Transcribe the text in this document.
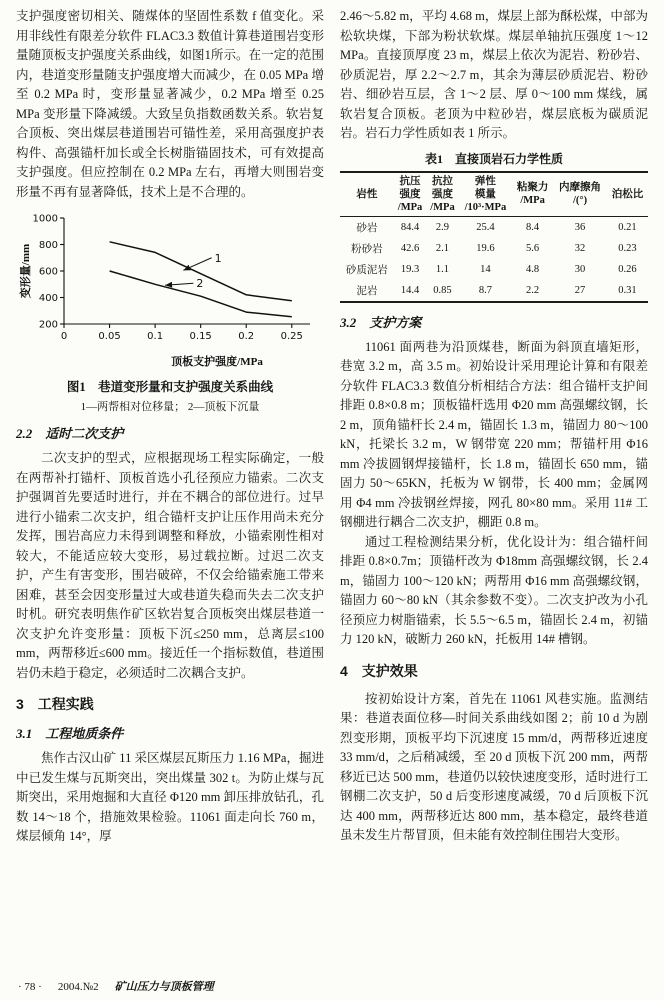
支护强度密切相关、随煤体的坚固性系数 f 值变化。采用非线性有限差分软件 FLAC3.3 数值计算巷道围岩变形量随顶板支护强度关系曲线，如图1所示。在一定的范围内，巷道变形量随支护强度增大而减少，在 0.05 MPa 增至 0.2 MPa 时，变形量显著减少，0.2 MPa 增至 0.25 MPa 变形量下降减缓。大致呈负指数函数关系。软岩复合顶板、突出煤层巷道围岩可锚性差，采用高强度护表构件、高强锚杆加长或全长树脂锚固技术，可有效提高支护强度。但应控制在 0.2 MPa 左右，再增大则围岩变形量不再有显著降低，技术上是不合理的。

200
400
600
800
1000
0	0.05	0.1	0.15	0.2	0.25
1
2
顶板支护强度/MPa
变形量/mm
图1　巷道变形量和支护强度关系曲线
1—两帮相对位移量； 2—顶板下沉量
2.2　适时二次支护

二次支护的型式，应根据现场工程实际确定，一般在两帮补打锚杆、顶板首选小孔径预应力锚索。二次支护强调首先要适时进行，并在不耦合的部位进行。过早进行小锚索二次支护，组合锚杆支护让压作用尚未充分发挥，围岩高应力未得到调整和释放，小锚索刚性相对较大，不能适应较大变形，易过载拉断。过迟二次支护，产生有害变形，围岩破碎，不仅会给锚索施工带来困难，甚至会因变形量过大或巷道失稳而失去二次支护时机。研究表明焦作矿区软岩复合顶板突出煤层巷道一次支护允许变形量：顶板下沉≤250 mm，总离层≤100 mm，两帮移近≤600 mm。接近任一个指标数值，巷道围岩仍未趋于稳定，必须适时二次耦合支护。

3　工程实践
3.1　工程地质条件

焦作古汉山矿 11 采区煤层瓦斯压力 1.16 MPa，掘进中已发生煤与瓦斯突出，突出煤量 302 t。为防止煤与瓦斯突出，采用炮掘和大直径 Φ120 mm 卸压排放钻孔，孔数 14～18 个，措施效果检验。11061 面走向长 760 m，煤层倾角 14°，厚

2.46～5.82 m，平均 4.68 m，煤层上部为酥松煤，中部为松软块煤，下部为粉状软煤。煤层单轴抗压强度 1～12 MPa。直接顶厚度 23 m，煤层上依次为泥岩、粉砂岩、砂质泥岩，厚 2.2～2.7 m，其余为薄层砂质泥岩、粉砂岩、细砂岩互层，含 1～2 层、厚 0～100 mm 煤线，属软岩复合顶板。老顶为中粒砂岩，煤层底板为碳质泥岩。岩石力学性质如表 1 所示。

表1　直接顶岩石力学性质
岩性	抗压
强度
/MPa	抗拉
强度
/MPa	弹性
模量
/10³·MPa	粘聚力
/MPa	内摩擦角
/(°)	泊松比
砂岩	84.4	2.9	25.4	8.4	36	0.21
粉砂岩	42.6	2.1	19.6	5.6	32	0.23
砂质泥岩	19.3	1.1	14	4.8	30	0.26
泥岩	14.4	0.85	8.7	2.2	27	0.31
3.2　支护方案

11061 面两巷为沿顶煤巷，断面为斜顶直墙矩形，巷宽 3.2 m，高 3.5 m。初始设计采用理论计算和有限差分软件 FLAC3.3 数值分析相结合方法：组合锚杆支护间排距 0.8×0.8 m；顶板锚杆选用 Φ20 mm 高强螺纹钢，长 2 m，顶角锚杆长 2.4 m，锚固长 1.3 m，锚固力 80～100 kN，托梁长 3.2 m，W 钢带宽 220 mm；帮锚杆用 Φ16 mm 冷拔圆钢焊接锚杆，长 1.8 m，锚固长 650 mm，锚固力 50～65KN，托板为 W 钢带，长 400 mm；金属网用 Φ4 mm 冷拔钢丝焊接，网孔 80×80 mm。采用 11# 工钢棚进行耦合二次支护，棚距 0.8 m。

通过工程检测结果分析，优化设计为：组合锚杆间排距 0.8×0.7m；顶锚杆改为 Φ18mm 高强螺纹钢，长 2.4 m，锚固力 100～120 kN；两帮用 Φ16 mm 高强螺纹钢，锚固力 60～80 kN（其余参数不变）。二次支护改为小孔径预应力树脂锚索，长 5.5～6.5 m，锚固长 2.4 m，初锚力 120 kN，破断力 260 kN，托板用 14# 槽钢。

4　支护效果

按初始设计方案，首先在 11061 风巷实施。监测结果：巷道表面位移—时间关系曲线如图 2；前 10 d 为剧烈变形期，顶板平均下沉速度 15 mm/d，两帮移近速度 33 mm/d，之后稍减缓，至 20 d 顶板下沉 200 mm，两帮移近已达 500 mm，巷道仍以较快速度变形，适时进行工钢棚二次支护，50 d 后变形速度减缓，70 d 后顶板下沉达 400 mm，两帮移近达 800 mm，基本稳定，最终巷道虽未发生片帮冒顶，但未能有效控制住围岩大变形。

· 78 · 2004.№2 矿山压力与顶板管理
